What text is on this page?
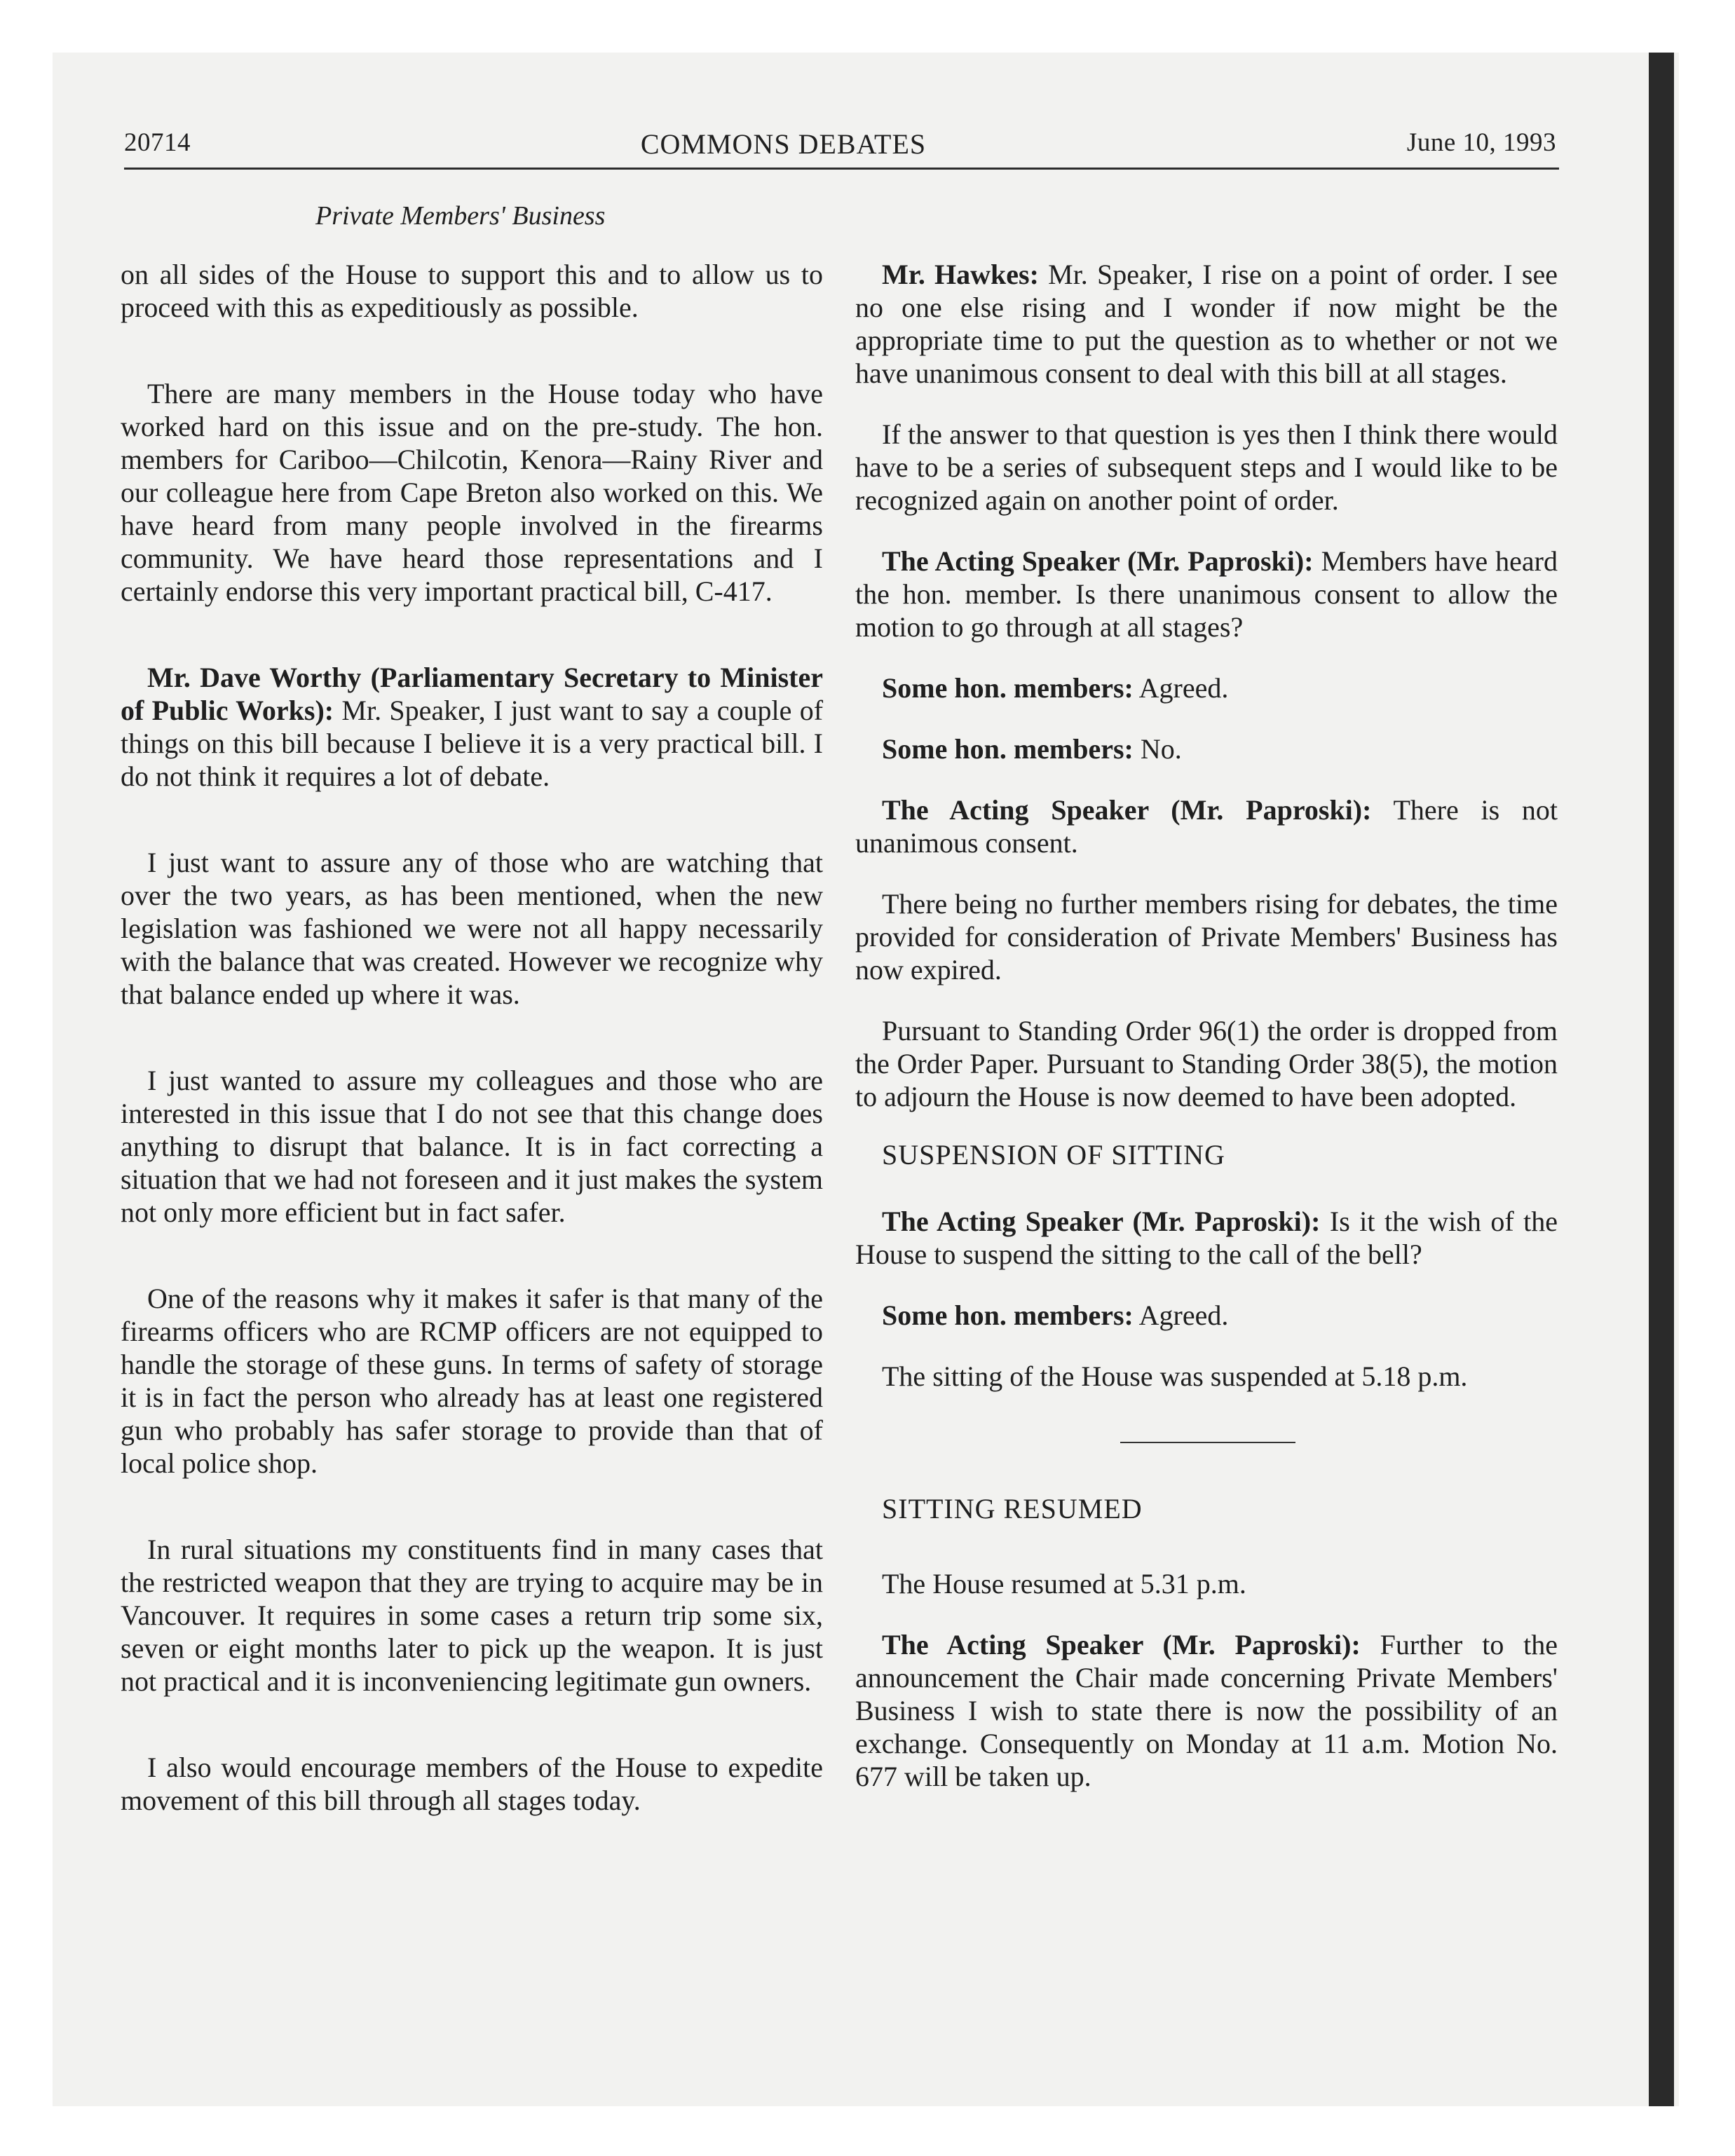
20714	COMMONS DEBATES	June 10, 1993
Private Members' Business

on all sides of the House to support this and to allow us to proceed with this as expeditiously as possible.

There are many members in the House today who have worked hard on this issue and on the pre-study. The hon. members for Cariboo—Chilcotin, Kenora—Rainy River and our colleague here from Cape Breton also worked on this. We have heard from many people involved in the firearms community. We have heard those representations and I certainly endorse this very important practical bill, C-417.

Mr. Dave Worthy (Parliamentary Secretary to Minister of Public Works): Mr. Speaker, I just want to say a couple of things on this bill because I believe it is a very practical bill. I do not think it requires a lot of debate.

I just want to assure any of those who are watching that over the two years, as has been mentioned, when the new legislation was fashioned we were not all happy necessarily with the balance that was created. However we recognize why that balance ended up where it was.

I just wanted to assure my colleagues and those who are interested in this issue that I do not see that this change does anything to disrupt that balance. It is in fact correcting a situation that we had not foreseen and it just makes the system not only more efficient but in fact safer.

One of the reasons why it makes it safer is that many of the firearms officers who are RCMP officers are not equipped to handle the storage of these guns. In terms of safety of storage it is in fact the person who already has at least one registered gun who probably has safer storage to provide than that of local police shop.

In rural situations my constituents find in many cases that the restricted weapon that they are trying to acquire may be in Vancouver. It requires in some cases a return trip some six, seven or eight months later to pick up the weapon. It is just not practical and it is inconveniencing legitimate gun owners.

I also would encourage members of the House to expedite movement of this bill through all stages today.

Mr. Hawkes: Mr. Speaker, I rise on a point of order. I see no one else rising and I wonder if now might be the appropriate time to put the question as to whether or not we have unanimous consent to deal with this bill at all stages.

If the answer to that question is yes then I think there would have to be a series of subsequent steps and I would like to be recognized again on another point of order.

The Acting Speaker (Mr. Paproski): Members have heard the hon. member. Is there unanimous consent to allow the motion to go through at all stages?

Some hon. members: Agreed.

Some hon. members: No.

The Acting Speaker (Mr. Paproski): There is not unanimous consent.

There being no further members rising for debates, the time provided for consideration of Private Members' Business has now expired.

Pursuant to Standing Order 96(1) the order is dropped from the Order Paper. Pursuant to Standing Order 38(5), the motion to adjourn the House is now deemed to have been adopted.

SUSPENSION OF SITTING

The Acting Speaker (Mr. Paproski): Is it the wish of the House to suspend the sitting to the call of the bell?

Some hon. members: Agreed.

The sitting of the House was suspended at 5.18 p.m.

SITTING RESUMED

The House resumed at 5.31 p.m.

The Acting Speaker (Mr. Paproski): Further to the announcement the Chair made concerning Private Members' Business I wish to state there is now the possibility of an exchange. Consequently on Monday at 11 a.m. Motion No. 677 will be taken up.
